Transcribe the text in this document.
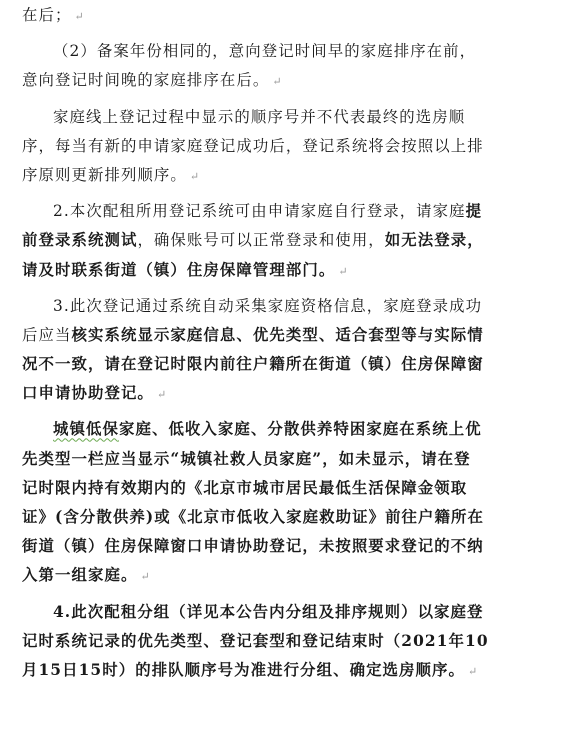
在后； ↵
（2）备案年份相同的，意向登记时间早的家庭排序在前，
意向登记时间晚的家庭排序在后。 ↵
家庭线上登记过程中显示的顺序号并不代表最终的选房顺
序，每当有新的申请家庭登记成功后，登记系统将会按照以上排
序原则更新排列顺序。 ↵
2.本次配租所用登记系统可由申请家庭自行登录，请家庭提
前登录系统测试，确保账号可以正常登录和使用，如无法登录，
请及时联系街道（镇）住房保障管理部门。 ↵
3.此次登记通过系统自动采集家庭资格信息，家庭登录成功
后应当核实系统显示家庭信息、优先类型、适合套型等与实际情
况不一致，请在登记时限内前往户籍所在街道（镇）住房保障窗
口申请协助登记。 ↵
城镇低保家庭、低收入家庭、分散供养特困家庭在系统上优
先类型一栏应当显示“城镇社救人员家庭”，如未显示，请在登
记时限内持有效期内的《北京市城市居民最低生活保障金领取
证》(含分散供养)或《北京市低收入家庭救助证》前往户籍所在
街道（镇）住房保障窗口申请协助登记，未按照要求登记的不纳
入第一组家庭。 ↵
4.此次配租分组（详见本公告内分组及排序规则）以家庭登
记时系统记录的优先类型、登记套型和登记结束时（2021年10
月15日15时）的排队顺序号为准进行分组、确定选房顺序。 ↵
